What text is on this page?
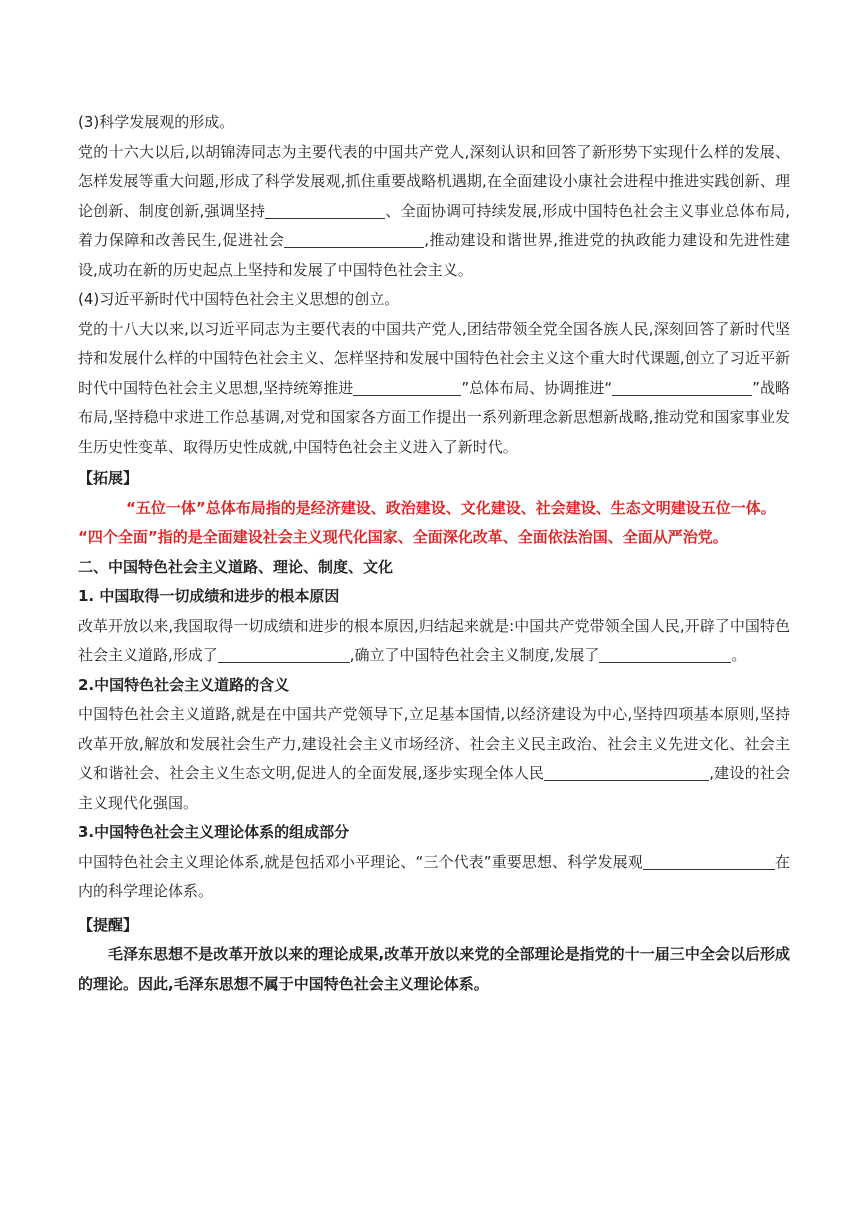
(3)科学发展观的形成。

党的十六大以后,以胡锦涛同志为主要代表的中国共产党人,深刻认识和回答了新形势下实现什么样的发展、怎样发展等重大问题,形成了科学发展观,抓住重要战略机遇期,在全面建设小康社会进程中推进实践创新、理论创新、制度创新,强调坚持	、全面协调可持续发展,形成中国特色社会主义事业总体布局,着力保障和改善民生,促进社会	,推动建设和谐世界,推进党的执政能力建设和先进性建设,成功在新的历史起点上坚持和发展了中国特色社会主义。

(4)习近平新时代中国特色社会主义思想的创立。

党的十八大以来,以习近平同志为主要代表的中国共产党人,团结带领全党全国各族人民,深刻回答了新时代坚持和发展什么样的中国特色社会主义、怎样坚持和发展中国特色社会主义这个重大时代课题,创立了习近平新时代中国特色社会主义思想,坚持统筹推进	”总体布局、协调推进“	”战略布局,坚持稳中求进工作总基调,对党和国家各方面工作提出一系列新理念新思想新战略,推动党和国家事业发生历史性变革、取得历史性成就,中国特色社会主义进入了新时代。

【拓展】

“五位一体”总体布局指的是经济建设、政治建设、文化建设、社会建设、生态文明建设五位一体。

“四个全面”指的是全面建设社会主义现代化国家、全面深化改革、全面依法治国、全面从严治党。

二、中国特色社会主义道路、理论、制度、文化

1. 中国取得一切成绩和进步的根本原因

改革开放以来,我国取得一切成绩和进步的根本原因,归结起来就是:中国共产党带领全国人民,开辟了中国特色社会主义道路,形成了	,确立了中国特色社会主义制度,发展了	。

2.中国特色社会主义道路的含义

中国特色社会主义道路,就是在中国共产党领导下,立足基本国情,以经济建设为中心,坚持四项基本原则,坚持改革开放,解放和发展社会生产力,建设社会主义市场经济、社会主义民主政治、社会主义先进文化、社会主义和谐社会、社会主义生态文明,促进人的全面发展,逐步实现全体人民	,建设的社会主义现代化强国。

3.中国特色社会主义理论体系的组成部分

中国特色社会主义理论体系,就是包括邓小平理论、“三个代表”重要思想、科学发展观	在内的科学理论体系。

【提醒】

毛泽东思想不是改革开放以来的理论成果,改革开放以来党的全部理论是指党的十一届三中全会以后形成的理论。因此,毛泽东思想不属于中国特色社会主义理论体系。
